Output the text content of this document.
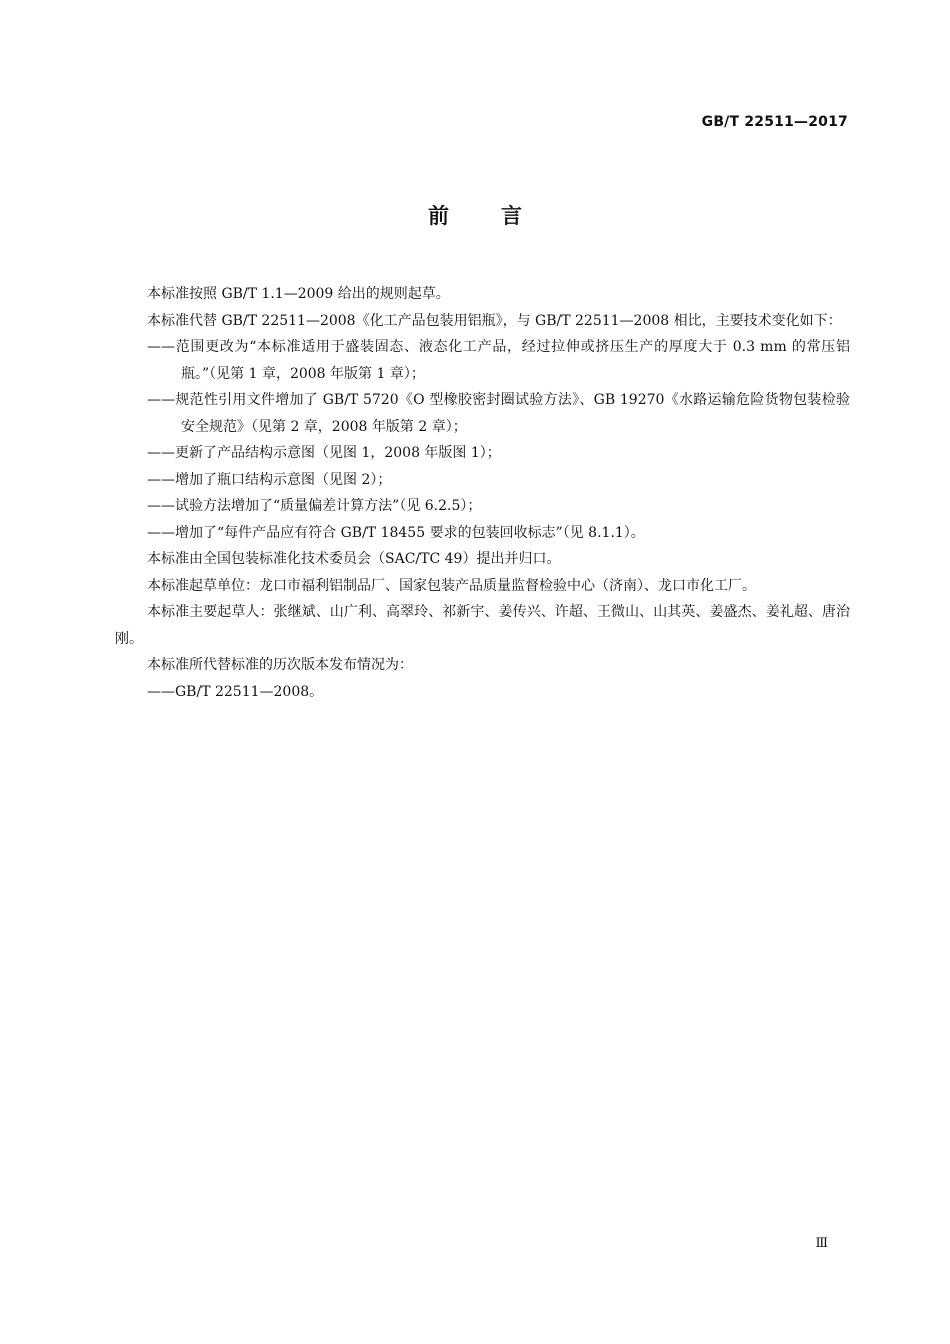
GB/T 22511—2017
前言

本标准按照 GB/T 1.1—2009 给出的规则起草。

本标准代替 GB/T 22511—2008《化工产品包装用铝瓶》，与 GB/T 22511—2008 相比，主要技术变化如下：

——范围更改为“本标准适用于盛装固态、液态化工产品，经过拉伸或挤压生产的厚度大于 0.3 mm 的常压铝瓶。”（见第 1 章，2008 年版第 1 章）；

——规范性引用文件增加了 GB/T 5720《O 型橡胶密封圈试验方法》、GB 19270《水路运输危险货物包装检验安全规范》（见第 2 章，2008 年版第 2 章）；

——更新了产品结构示意图（见图 1，2008 年版图 1）；

——增加了瓶口结构示意图（见图 2）；

——试验方法增加了“质量偏差计算方法”（见 6.2.5）；

——增加了“每件产品应有符合 GB/T 18455 要求的包装回收标志”（见 8.1.1）。

本标准由全国包装标准化技术委员会（SAC/TC 49）提出并归口。

本标准起草单位：龙口市福利铝制品厂、国家包装产品质量监督检验中心（济南）、龙口市化工厂。

本标准主要起草人：张继斌、山广利、高翠玲、祁新宇、姜传兴、许超、王微山、山其英、姜盛杰、姜礼超、唐治刚。

本标准所代替标准的历次版本发布情况为：

——GB/T 22511—2008。

Ⅲ
